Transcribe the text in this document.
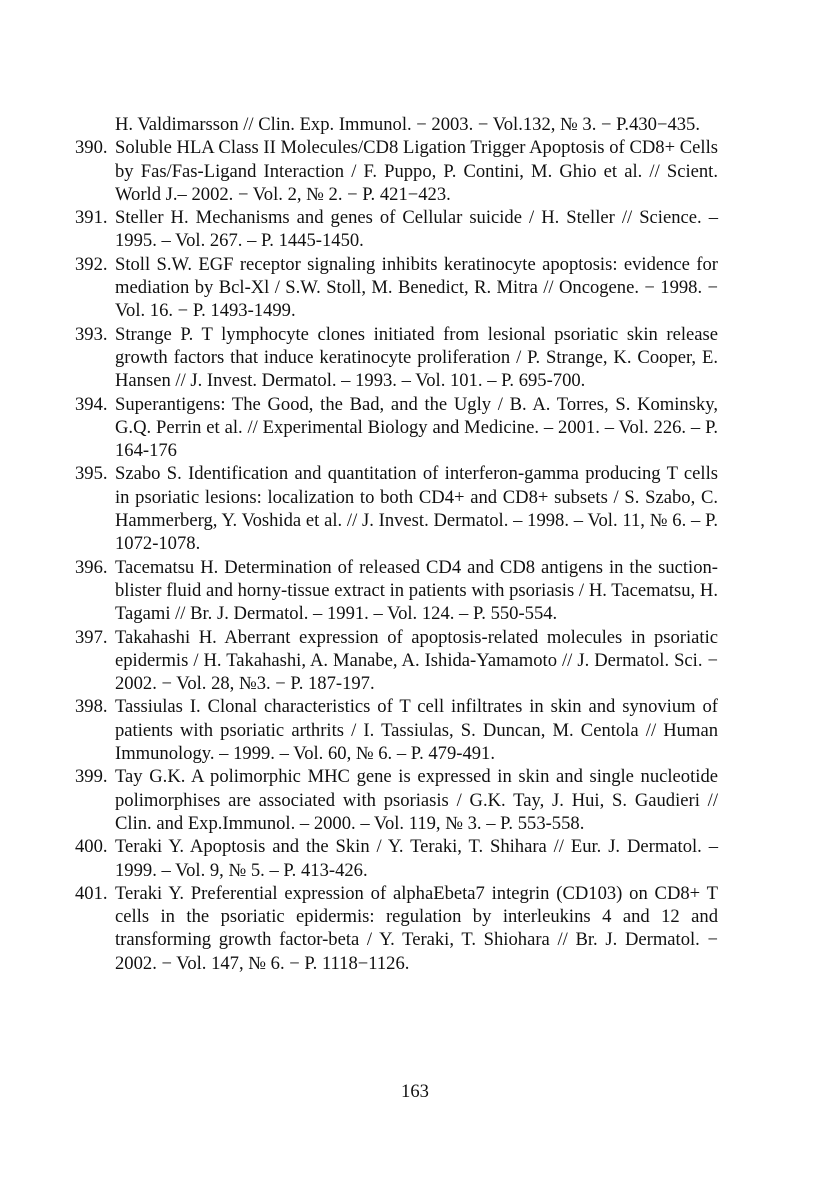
H. Valdimarsson // Clin. Exp. Immunol. − 2003. − Vol.132, № 3. − P.430−435.
390. Soluble HLA Class II Molecules/CD8 Ligation Trigger Apoptosis of CD8+ Cells by Fas/Fas-Ligand Interaction / F. Puppo, P. Contini, M. Ghio et al. // Scient. World J.– 2002. − Vol. 2, № 2. − P. 421−423.
391. Steller H. Mechanisms and genes of Cellular suicide / H. Steller // Science. – 1995. – Vol. 267. – P. 1445-1450.
392. Stoll S.W. EGF receptor signaling inhibits keratinocyte apoptosis: evidence for mediation by Bcl-Xl / S.W. Stoll, M. Benedict, R. Mitra // Oncogene. − 1998. − Vol. 16. − P. 1493-1499.
393. Strange P. T lymphocyte clones initiated from lesional psoriatic skin release growth factors that induce keratinocyte proliferation / P. Strange, K. Cooper, E. Hansen // J. Invest. Dermatol. – 1993. – Vol. 101. – P. 695-700.
394. Superantigens: The Good, the Bad, and the Ugly / B. A. Torres, S. Kominsky, G.Q. Perrin et al. // Experimental Biology and Medicine. – 2001. – Vol. 226. – P. 164-176
395. Szabo S. Identification and quantitation of interferon-gamma producing T cells in psoriatic lesions: localization to both CD4+ and CD8+ subsets / S. Szabo, C. Hammerberg, Y. Voshida et al. // J. Invest. Dermatol. – 1998. – Vol. 11, № 6. – P. 1072-1078.
396. Tacematsu H. Determination of released CD4 and CD8 antigens in the suction-blister fluid and horny-tissue extract in patients with psoriasis / H. Tacematsu, H. Tagami // Br. J. Dermatol. – 1991. – Vol. 124. – P. 550-554.
397. Takahashi H. Aberrant expression of apoptosis-related molecules in psoriatic epidermis / H. Takahashi, A. Manabe, A. Ishida-Yamamoto // J. Dermatol. Sci. − 2002. − Vol. 28, №3. − P. 187-197.
398. Tassiulas I. Clonal characteristics of T cell infiltrates in skin and synovium of patients with psoriatic arthrits / I. Tassiulas, S. Duncan, M. Centola // Human Immunology. – 1999. – Vol. 60, № 6. – P. 479-491.
399. Tay G.K. A polimorphic MHC gene is expressed in skin and single nucleotide polimorphises are associated with psoriasis / G.K. Tay, J. Hui, S. Gaudieri // Clin. and Exp.Immunol. – 2000. – Vol. 119, № 3. – P. 553-558.
400. Teraki Y. Apoptosis and the Skin / Y. Teraki, T. Shihara // Eur. J. Dermatol. – 1999. – Vol. 9, № 5. – P. 413-426.
401. Teraki Y. Preferential expression of alphaEbeta7 integrin (CD103) on CD8+ T cells in the psoriatic epidermis: regulation by interleukins 4 and 12 and transforming growth factor-beta / Y. Teraki, T. Shiohara // Br. J. Dermatol. − 2002. − Vol. 147, № 6. − P. 1118−1126.
163
